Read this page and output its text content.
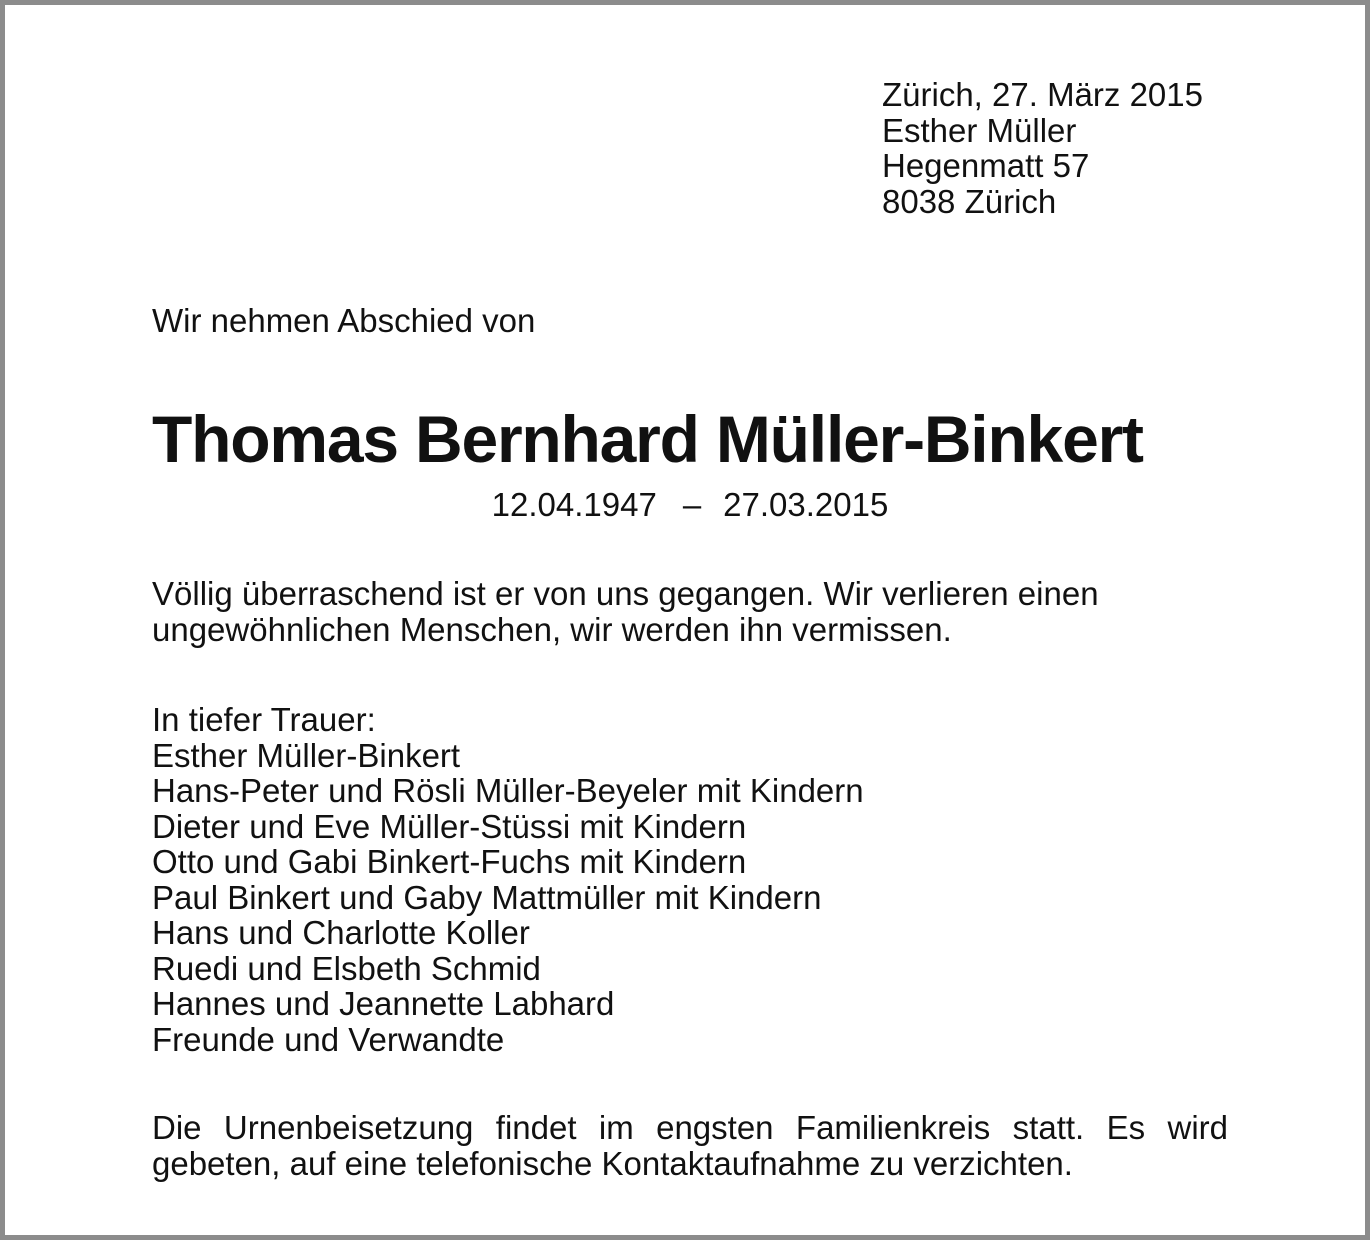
Zürich, 27. März 2015
Esther Müller
Hegenmatt 57
8038 Zürich
Wir nehmen Abschied von
Thomas Bernhard Müller-Binkert
12.04.1947 – 27.03.2015
Völlig überraschend ist er von uns gegangen. Wir verlieren einen
ungewöhnlichen Menschen, wir werden ihn vermissen.
In tiefer Trauer:
Esther Müller-Binkert
Hans-Peter und Rösli Müller-Beyeler mit Kindern
Dieter und Eve Müller-Stüssi mit Kindern
Otto und Gabi Binkert-Fuchs mit Kindern
Paul Binkert und Gaby Mattmüller mit Kindern
Hans und Charlotte Koller
Ruedi und Elsbeth Schmid
Hannes und Jeannette Labhard
Freunde und Verwandte
Die Urnenbeisetzung findet im engsten Familienkreis statt. Es wird
gebeten, auf eine telefonische Kontaktaufnahme zu verzichten.
